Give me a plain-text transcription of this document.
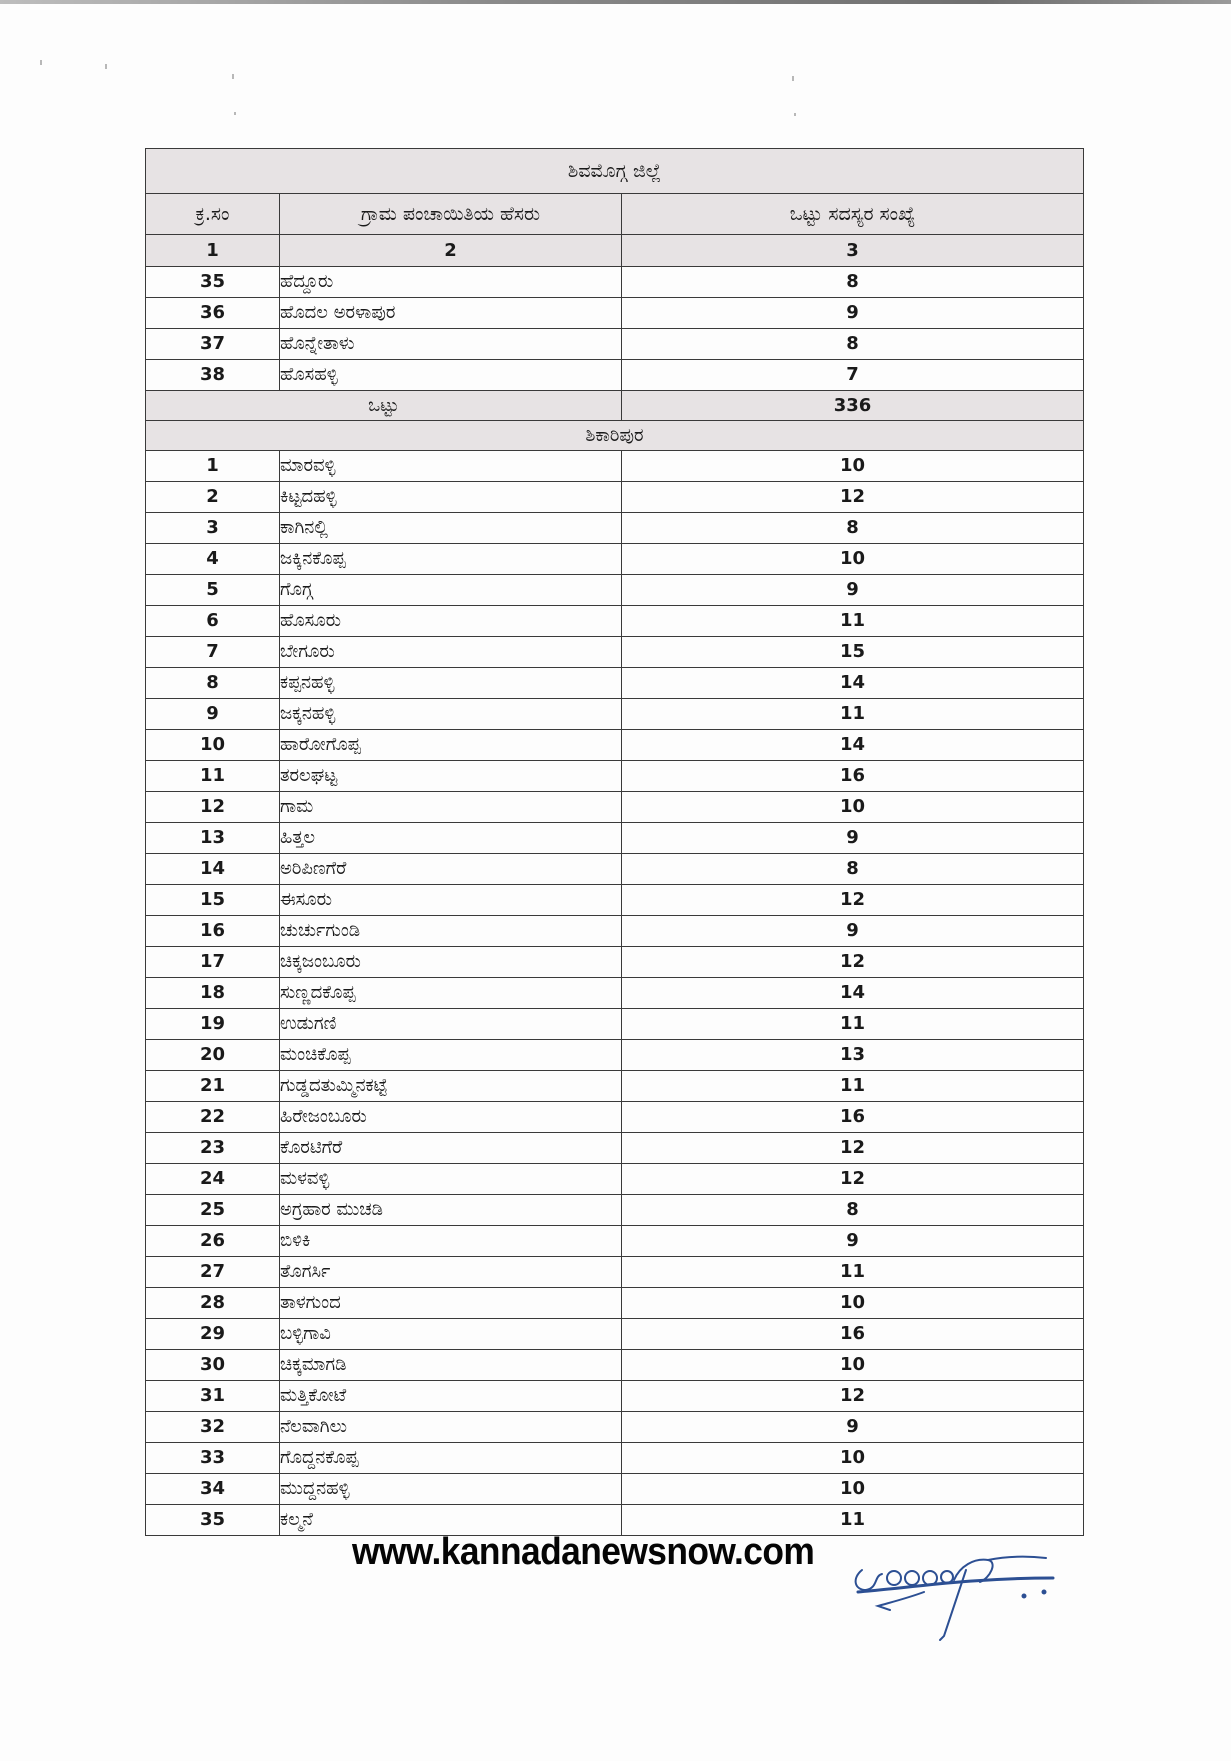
ಶಿವಮೊಗ್ಗ ಜಿಲ್ಲೆ		
ಕ್ರ.ಸಂ	ಗ್ರಾಮ ಪಂಚಾಯಿತಿಯ ಹೆಸರು	ಒಟ್ಟು ಸದಸ್ಯರ ಸಂಖ್ಯೆ
1	2	3
35	ಹೆದ್ದೂರು	8
36	ಹೊದಲ ಅರಳಾಪುರ	9
37	ಹೊನ್ನೇತಾಳು	8
38	ಹೊಸಹಳ್ಳಿ	7
ಒಟ್ಟು		336
ಶಿಕಾರಿಪುರ		
1	ಮಾರವಳ್ಳಿ	10
2	ಕಿಟ್ಟದಹಳ್ಳಿ	12
3	ಕಾಗಿನಲ್ಲಿ	8
4	ಜಕ್ಕಿನಕೊಪ್ಪ	10
5	ಗೊಗ್ಗ	9
6	ಹೊಸೂರು	11
7	ಬೇಗೂರು	15
8	ಕಪ್ಪನಹಳ್ಳಿ	14
9	ಜಕ್ಕನಹಳ್ಳಿ	11
10	ಹಾರೋಗೊಪ್ಪ	14
11	ತರಲಘಟ್ಟ	16
12	ಗಾಮ	10
13	ಹಿತ್ತಲ	9
14	ಅರಿಪಿಣಗೆರೆ	8
15	ಈಸೂರು	12
16	ಚುರ್ಚುಗುಂಡಿ	9
17	ಚಿಕ್ಕಜಂಬೂರು	12
18	ಸುಣ್ಣದಕೊಪ್ಪ	14
19	ಉಡುಗಣಿ	11
20	ಮಂಚಿಕೊಪ್ಪ	13
21	ಗುಡ್ಡದತುಮ್ಮಿನಕಟ್ಟೆ	11
22	ಹಿರೇಜಂಬೂರು	16
23	ಕೊರಟಿಗೆರೆ	12
24	ಮಳವಳ್ಳಿ	12
25	ಅಗ್ರಹಾರ ಮುಚಡಿ	8
26	ಬಿಳಿಕಿ	9
27	ತೊಗರ್ಸಿ	11
28	ತಾಳಗುಂದ	10
29	ಬಳ್ಳಿಗಾವಿ	16
30	ಚಿಕ್ಕಮಾಗಡಿ	10
31	ಮತ್ತಿಕೋಟೆ	12
32	ನೆಲವಾಗಿಲು	9
33	ಗೊದ್ದನಕೊಪ್ಪ	10
34	ಮುದ್ದನಹಳ್ಳಿ	10
35	ಕಲ್ಮನೆ	11
www.kannadanewsnow.com
